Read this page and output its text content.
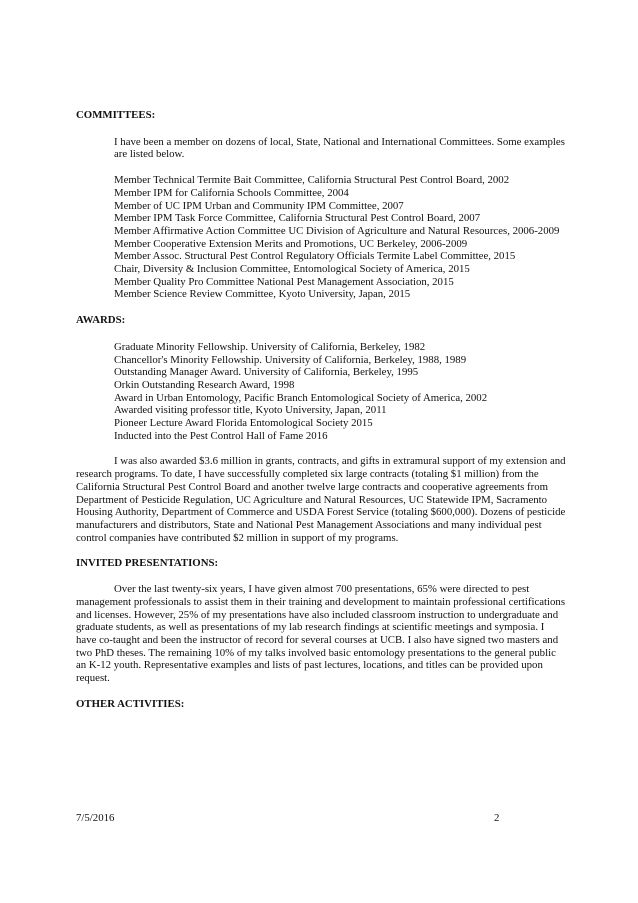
COMMITTEES:

I have been a member on dozens of local, State, National and International Committees. Some examples are listed below.

Member Technical Termite Bait Committee, California Structural Pest Control Board, 2002
Member IPM for California Schools Committee, 2004
Member of UC IPM Urban and Community IPM Committee, 2007
Member IPM Task Force Committee, California Structural Pest Control Board, 2007
Member Affirmative Action Committee UC Division of Agriculture and Natural Resources, 2006-2009
Member Cooperative Extension Merits and Promotions, UC Berkeley, 2006-2009
Member Assoc. Structural Pest Control Regulatory Officials Termite Label Committee, 2015
Chair, Diversity & Inclusion Committee, Entomological Society of America, 2015
Member Quality Pro Committee National Pest Management Association, 2015
Member Science Review Committee, Kyoto University, Japan, 2015

AWARDS:

Graduate Minority Fellowship. University of California, Berkeley, 1982
Chancellor's Minority Fellowship. University of California, Berkeley, 1988, 1989
Outstanding Manager Award. University of California, Berkeley, 1995
Orkin Outstanding Research Award, 1998
Award in Urban Entomology, Pacific Branch Entomological Society of America, 2002
Awarded visiting professor title, Kyoto University, Japan, 2011
Pioneer Lecture Award Florida Entomological Society 2015
Inducted into the Pest Control Hall of Fame 2016

I was also awarded $3.6 million in grants, contracts, and gifts in extramural support of my extension and research programs. To date, I have successfully completed six large contracts (totaling $1 million) from the California Structural Pest Control Board and another twelve large contracts and cooperative agreements from Department of Pesticide Regulation, UC Agriculture and Natural Resources, UC Statewide IPM, Sacramento Housing Authority, Department of Commerce and USDA Forest Service (totaling $600,000). Dozens of pesticide manufacturers and distributors, State and National Pest Management Associations and many individual pest control companies have contributed $2 million in support of my programs.

INVITED PRESENTATIONS:

Over the last twenty-six years, I have given almost 700 presentations, 65% were directed to pest management professionals to assist them in their training and development to maintain professional certifications and licenses. However, 25% of my presentations have also included classroom instruction to undergraduate and graduate students, as well as presentations of my lab research findings at scientific meetings and symposia. I have co-taught and been the instructor of record for several courses at UCB. I also have signed two masters and two PhD theses. The remaining 10% of my talks involved basic entomology presentations to the general public an K-12 youth. Representative examples and lists of past lectures, locations, and titles can be provided upon request.

OTHER ACTIVITIES:

7/5/2016	2
